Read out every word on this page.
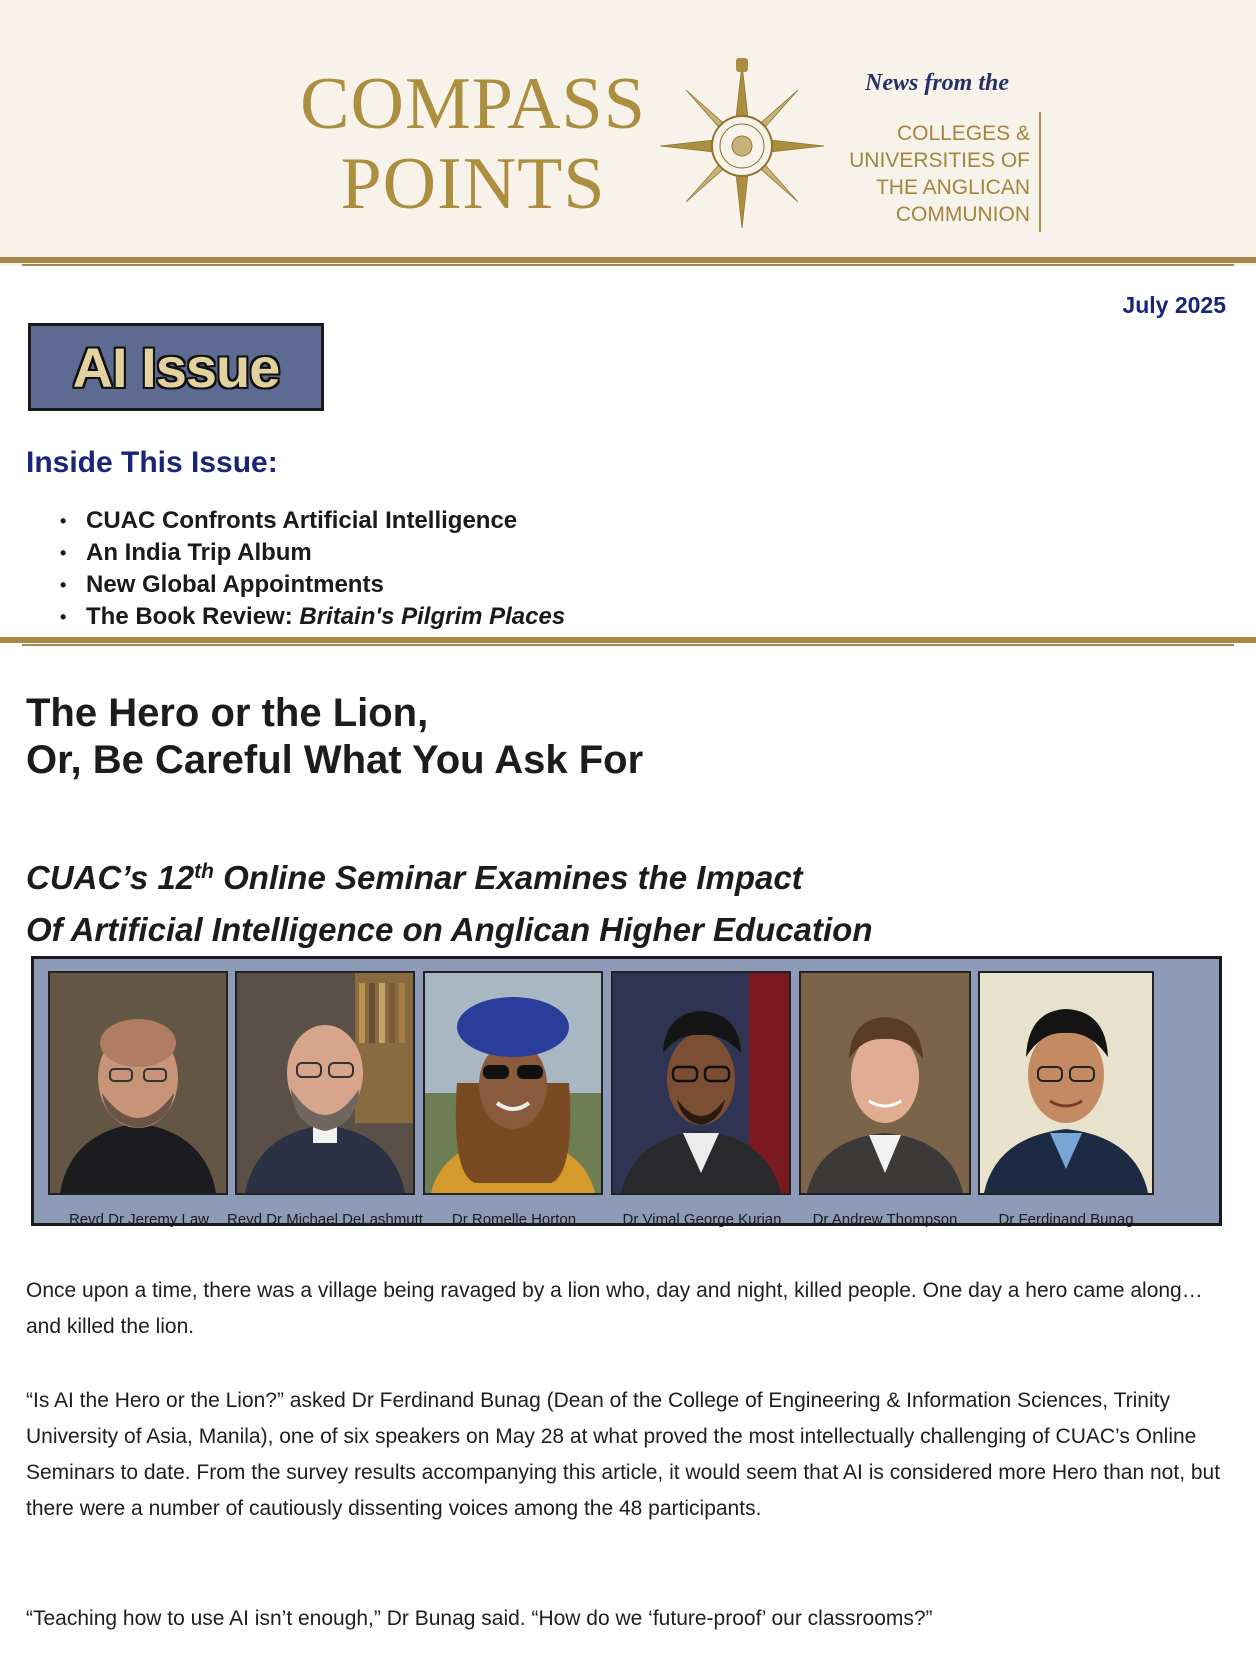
COMPASS
POINTS
News from the
COLLEGES &
UNIVERSITIES OF
THE ANGLICAN
COMMUNION
July 2025
AI Issue
Inside This Issue:
• CUAC Confronts Artificial Intelligence
• An India Trip Album
• New Global Appointments
• The Book Review: Britain's Pilgrim Places
The Hero or the Lion,
Or, Be Careful What You Ask For
CUAC’s 12th Online Seminar Examines the Impact
Of Artificial Intelligence on Anglican Higher Education
Revd Dr Jeremy Law	Revd Dr Michael DeLashmutt	Dr Romelle Horton	Dr Vimal George Kurian	Dr Andrew Thompson	Dr Ferdinand Bunag

Once upon a time, there was a village being ravaged by a lion who, day and night, killed people. One day a hero came along…and killed the lion.

“Is AI the Hero or the Lion?” asked Dr Ferdinand Bunag (Dean of the College of Engineering & Information Sciences, Trinity University of Asia, Manila), one of six speakers on May 28 at what proved the most intellectually challenging of CUAC’s Online Seminars to date. From the survey results accompanying this article, it would seem that AI is considered more Hero than not, but there were a number of cautiously dissenting voices among the 48 participants.

“Teaching how to use AI isn’t enough,” Dr Bunag said. “How do we ‘future-proof’ our classrooms?”
